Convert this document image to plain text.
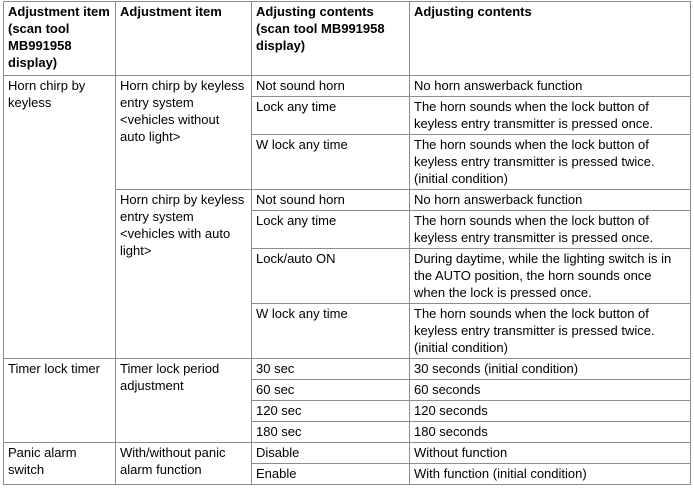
Adjustment item (scan tool MB991958 display)	Adjustment item	Adjusting contents (scan tool MB991958 display)	Adjusting contents
Horn chirp by keyless	Horn chirp by keyless entry system <vehicles without auto light>	Not sound horn	No horn answerback function
		Lock any time	The horn sounds when the lock button of keyless entry transmitter is pressed once.
		W lock any time	The horn sounds when the lock button of keyless entry transmitter is pressed twice. (initial condition)
	Horn chirp by keyless entry system <vehicles with auto light>	Not sound horn	No horn answerback function
		Lock any time	The horn sounds when the lock button of keyless entry transmitter is pressed once.
		Lock/auto ON	During daytime, while the lighting switch is in the AUTO position, the horn sounds once when the lock is pressed once.
		W lock any time	The horn sounds when the lock button of keyless entry transmitter is pressed twice. (initial condition)
Timer lock timer	Timer lock period adjustment	30 sec	30 seconds (initial condition)
		60 sec	60 seconds
		120 sec	120 seconds
		180 sec	180 seconds
Panic alarm switch	With/without panic alarm function	Disable	Without function
		Enable	With function (initial condition)
